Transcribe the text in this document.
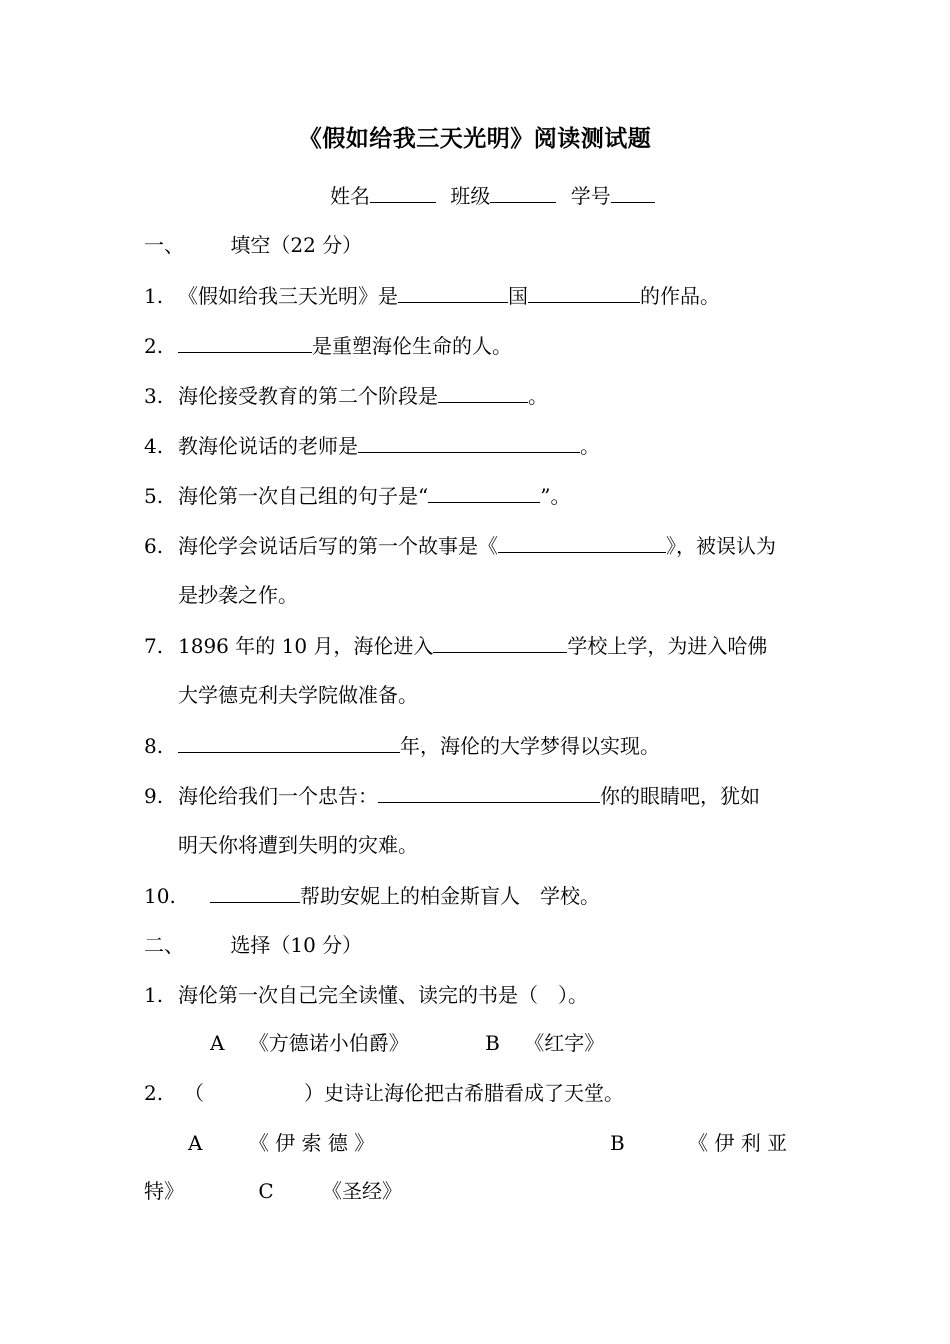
《假如给我三天光明》阅读测试题
姓名	班级	学号
一、 填空（22 分）
1. 《假如给我三天光明》是	国	的作品。
2.	是重塑海伦生命的人。
3. 海伦接受教育的第二个阶段是	。
4. 教海伦说话的老师是	。
5. 海伦第一次自己组的句子是“	”。
6. 海伦学会说话后写的第一个故事是《	》，被误认为
是抄袭之作。
7. 1896 年的 10 月，海伦进入	学校上学，为进入哈佛
大学德克利夫学院做准备。
8.	年，海伦的大学梦得以实现。
9. 海伦给我们一个忠告：	你的眼睛吧，犹如
明天你将遭到失明的灾难。
10.	帮助安妮上的柏金斯盲人　学校。
二、 选择（10 分）
1. 海伦第一次自己完全读懂、读完的书是（　）。
A 《方德诺小伯爵》	B 《红字》
2. （	）史诗让海伦把古希腊看成了天堂。
A 《 伊 索 德 》	B	《 伊 利 亚
特》	C 《圣经》
